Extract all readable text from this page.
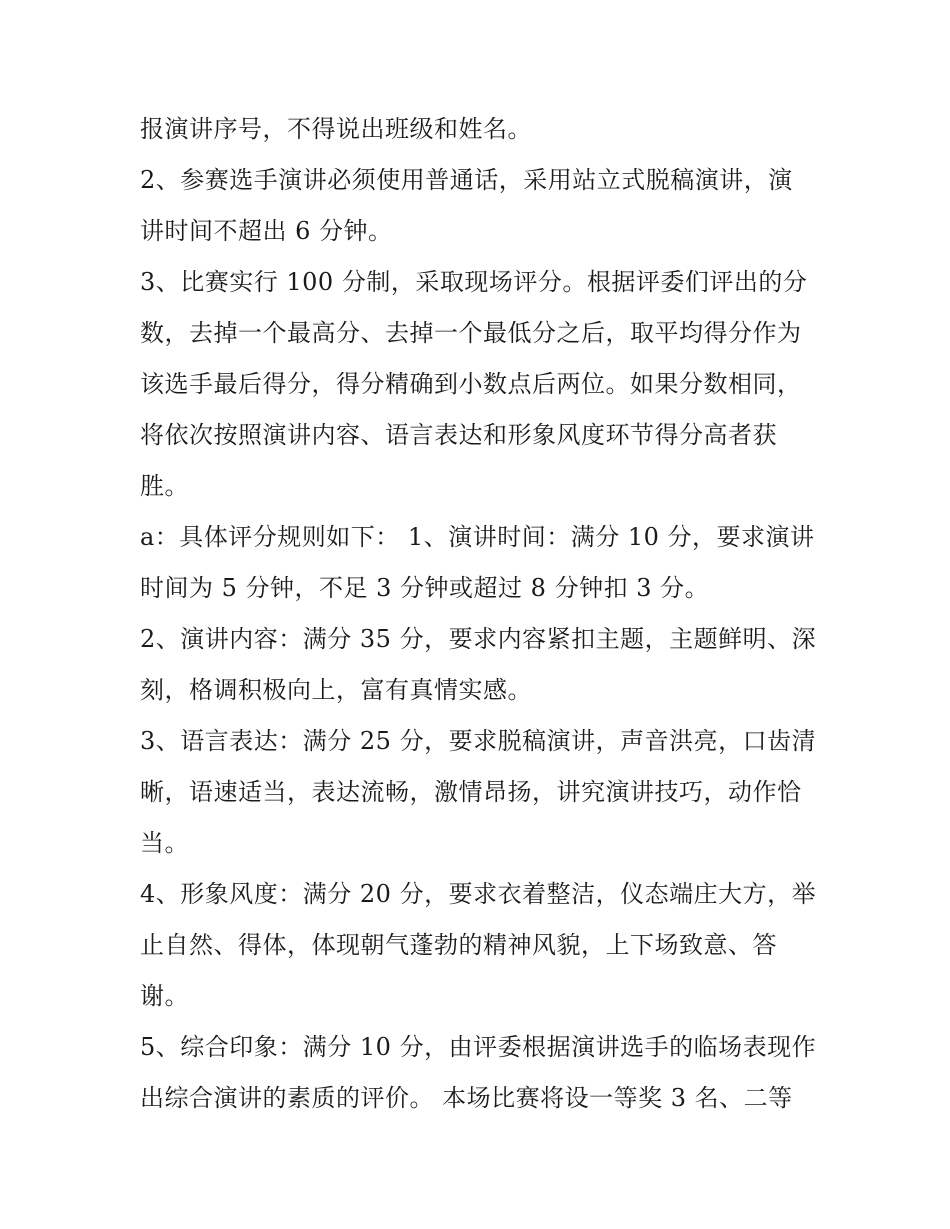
报演讲序号，不得说出班级和姓名。
2、参赛选手演讲必须使用普通话，采用站立式脱稿演讲，演
讲时间不超出 6 分钟。
3、比赛实行 100 分制，采取现场评分。根据评委们评出的分
数，去掉一个最高分、去掉一个最低分之后，取平均得分作为
该选手最后得分，得分精确到小数点后两位。如果分数相同，
将依次按照演讲内容、语言表达和形象风度环节得分高者获
胜。
a：具体评分规则如下： 1、演讲时间：满分 10 分，要求演讲
时间为 5 分钟，不足 3 分钟或超过 8 分钟扣 3 分。
2、演讲内容：满分 35 分，要求内容紧扣主题，主题鲜明、深
刻，格调积极向上，富有真情实感。
3、语言表达：满分 25 分，要求脱稿演讲，声音洪亮，口齿清
晰，语速适当，表达流畅，激情昂扬，讲究演讲技巧，动作恰
当。
4、形象风度：满分 20 分，要求衣着整洁，仪态端庄大方，举
止自然、得体，体现朝气蓬勃的精神风貌，上下场致意、答
谢。
5、综合印象：满分 10 分，由评委根据演讲选手的临场表现作
出综合演讲的素质的评价。 本场比赛将设一等奖 3 名、二等
